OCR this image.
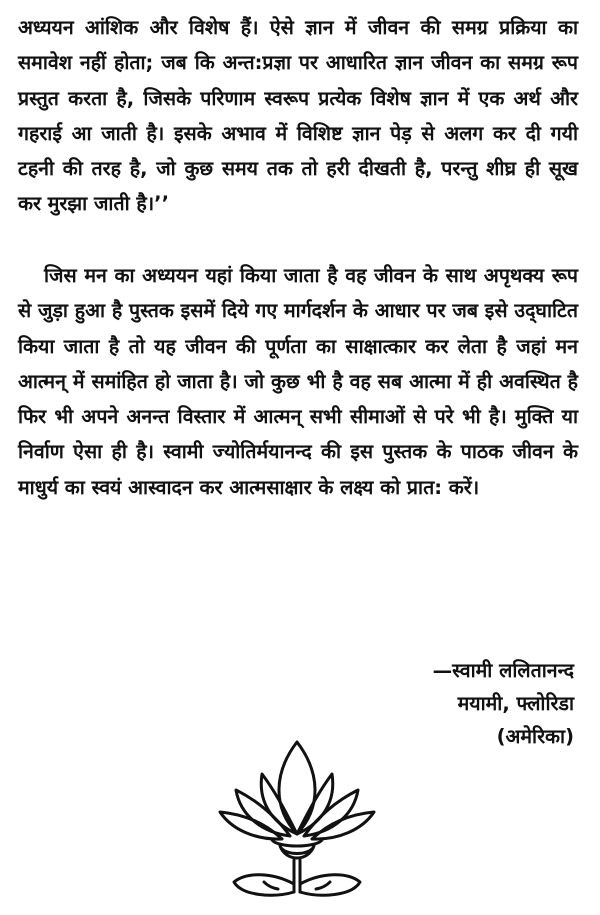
अध्ययन आंशिक और विशेष हैं। ऐसे ज्ञान में जीवन की समग्र प्रक्रिया का समावेश नहीं होता; जब कि अन्त:प्रज्ञा पर आधारित ज्ञान जीवन का समग्र रूप प्रस्तुत करता है, जिसके परिणाम स्वरूप प्रत्येक विशेष ज्ञान में एक अर्थ और गहराई आ जाती है। इसके अभाव में विशिष्ट ज्ञान पेड़ से अलग कर दी गयी टहनी की तरह है, जो कुछ समय तक तो हरी दीखती है, परन्तु शीघ्र ही सूख कर मुरझा जाती है।’’

जिस मन का अध्ययन यहां किया जाता है वह जीवन के साथ अपृथक्य रूप से जुड़ा हुआ है पुस्तक इसमें दिये गए मार्गदर्शन के आधार पर जब इसे उद्‌घाटित किया जाता है तो यह जीवन की पूर्णता का साक्षात्कार कर लेता है जहां मन आत्मन्‌ में समांहित हो जाता है। जो कुछ भी है वह सब आत्मा में ही अवस्थित है फिर भी अपने अनन्त विस्तार में आत्मन्‌ सभी सीमाओं से परे भी है। मुक्ति या निर्वाण ऐसा ही है। स्वामी ज्योतिर्मयानन्द की इस पुस्तक के पाठक जीवन के माधुर्य का स्वयं आस्वादन कर आत्मसाक्षार के लक्ष्य को प्रात: करें।

—स्वामी ललितानन्द
मयामी, फ्लोरिडा
(अमेरिका)
